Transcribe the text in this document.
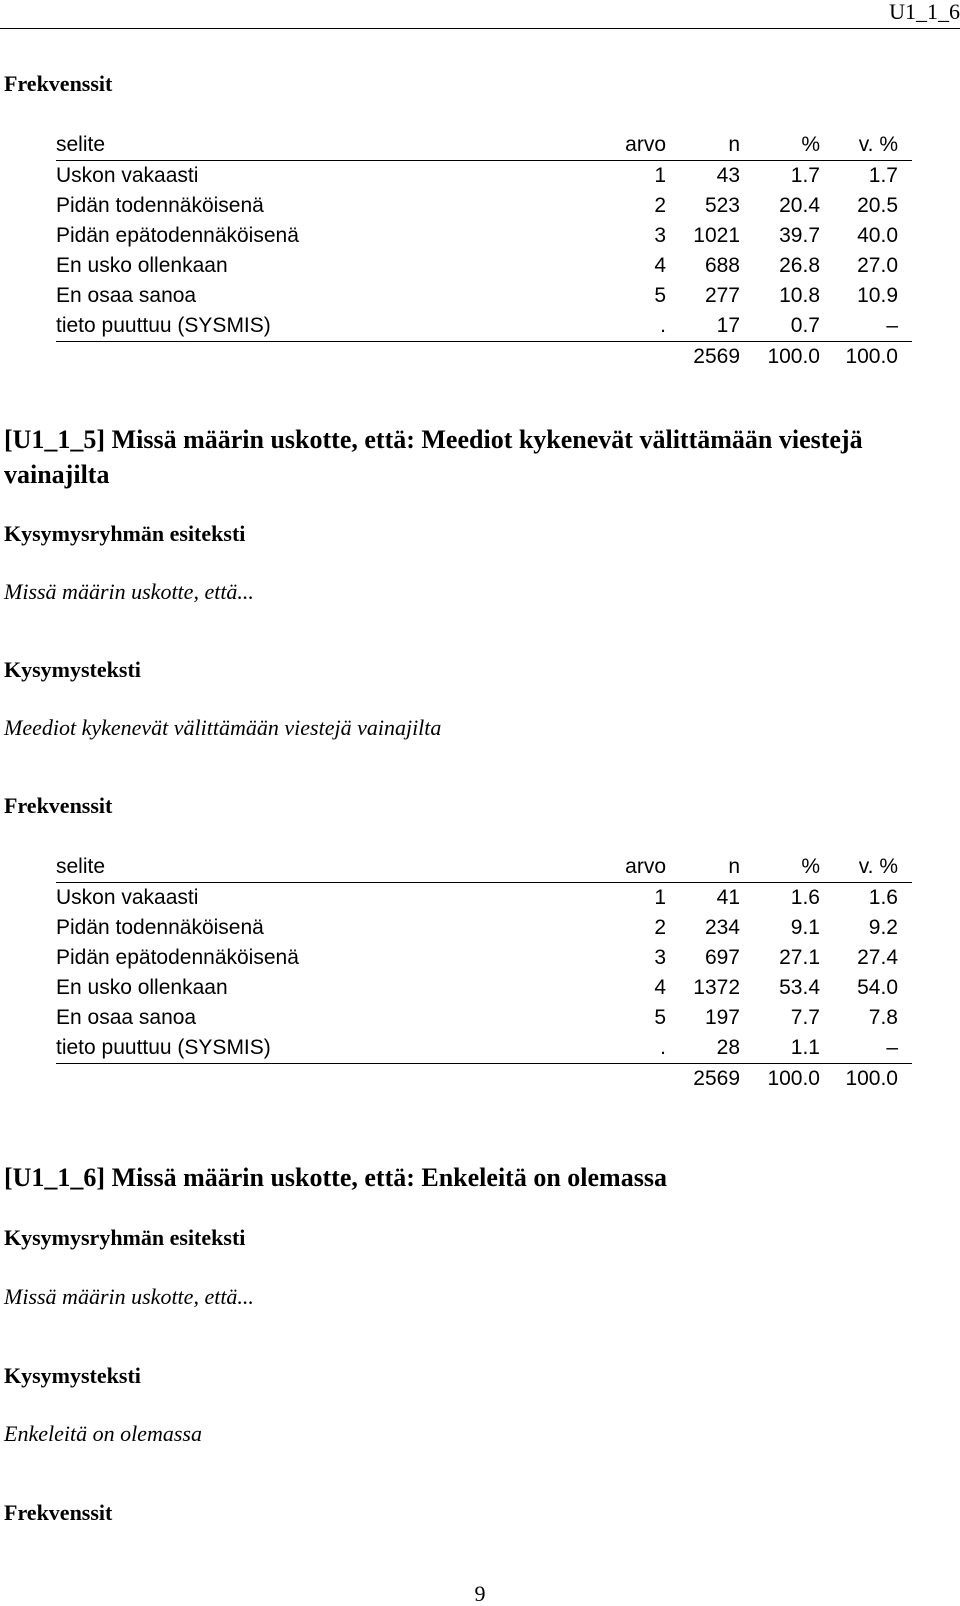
U1_1_6
Frekvenssit
selite	arvo	n	% v. %
Uskon vakaasti	1 43 1.7 1.7
Pidän todennäköisenä	2 523 20.4 20.5
Pidän epätodennäköisenä	3 1021 39.7 40.0
En usko ollenkaan	4 688 26.8 27.0
En osaa sanoa	5 277 10.8 10.9
tieto puuttuu (SYSMIS)	. 17 0.7	–
2569 100.0 100.0
[U1_1_5] Missä määrin uskotte, että: Meediot kykenevät välittämään viestejä vainajilta
Kysymysryhmän esiteksti
Missä määrin uskotte, että...
Kysymysteksti
Meediot kykenevät välittämään viestejä vainajilta
Frekvenssit
selite	arvo	n	% v. %
Uskon vakaasti	1 41 1.6 1.6
Pidän todennäköisenä	2 234 9.1 9.2
Pidän epätodennäköisenä	3 697 27.1 27.4
En usko ollenkaan	4 1372 53.4 54.0
En osaa sanoa	5 197 7.7 7.8
tieto puuttuu (SYSMIS)	. 28 1.1	–
2569 100.0 100.0
[U1_1_6] Missä määrin uskotte, että: Enkeleitä on olemassa
Kysymysryhmän esiteksti
Missä määrin uskotte, että...
Kysymysteksti
Enkeleitä on olemassa
Frekvenssit
9
